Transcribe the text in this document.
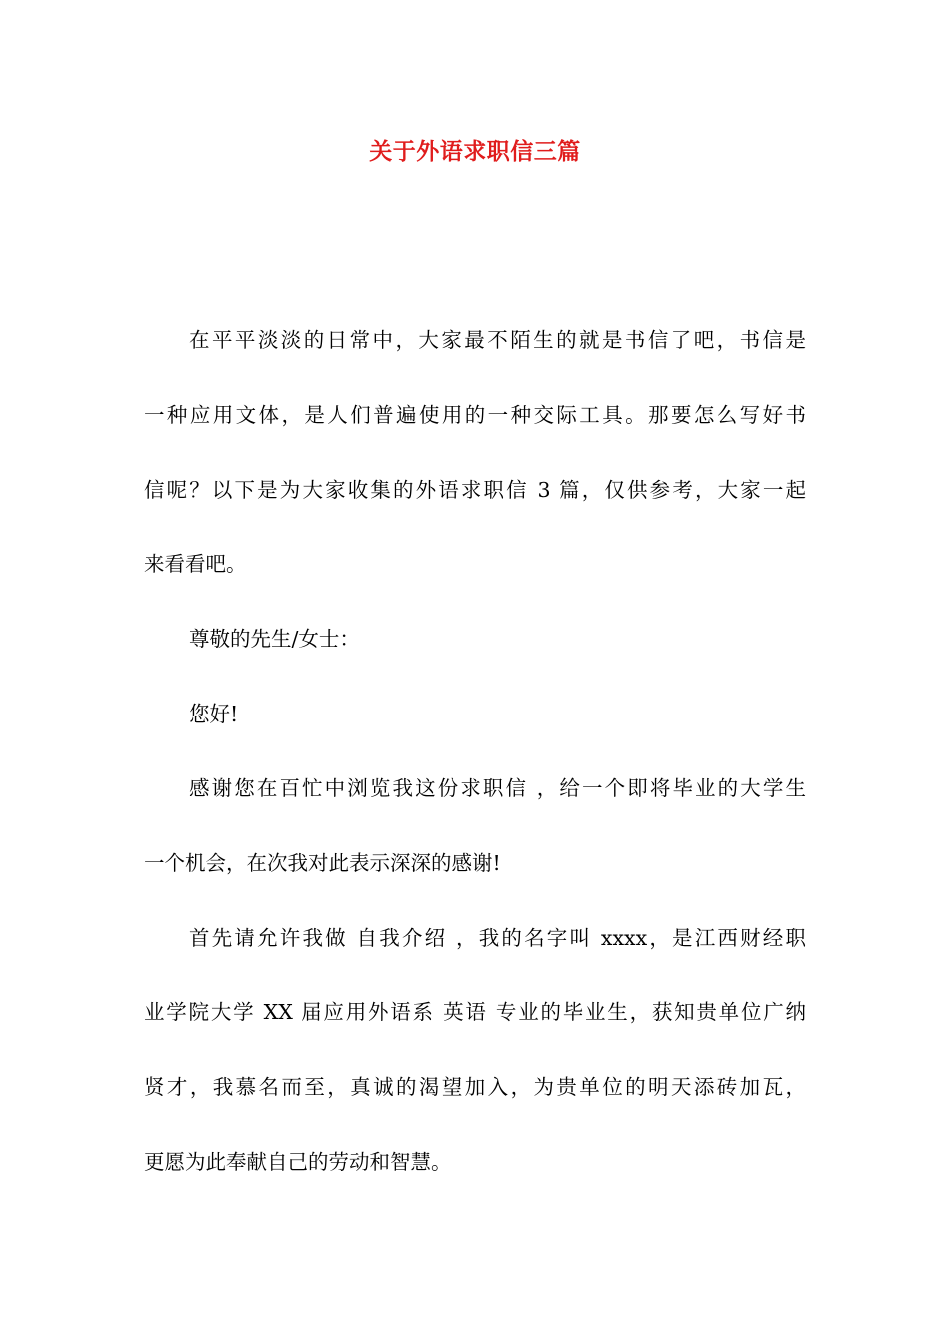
关于外语求职信三篇
在平平淡淡的日常中，大家最不陌生的就是书信了吧，书信是
一种应用文体，是人们普遍使用的一种交际工具。那要怎么写好书
信呢？以下是为大家收集的外语求职信 3 篇，仅供参考，大家一起
来看看吧。
尊敬的先生/女士：
您好!
感谢您在百忙中浏览我这份求职信 ，给一个即将毕业的大学生
一个机会，在次我对此表示深深的感谢!
首先请允许我做 自我介绍 ，我的名字叫 xxxx，是江西财经职
业学院大学 XX 届应用外语系 英语 专业的毕业生，获知贵单位广纳
贤才，我慕名而至，真诚的渴望加入，为贵单位的明天添砖加瓦，
更愿为此奉献自己的劳动和智慧。
